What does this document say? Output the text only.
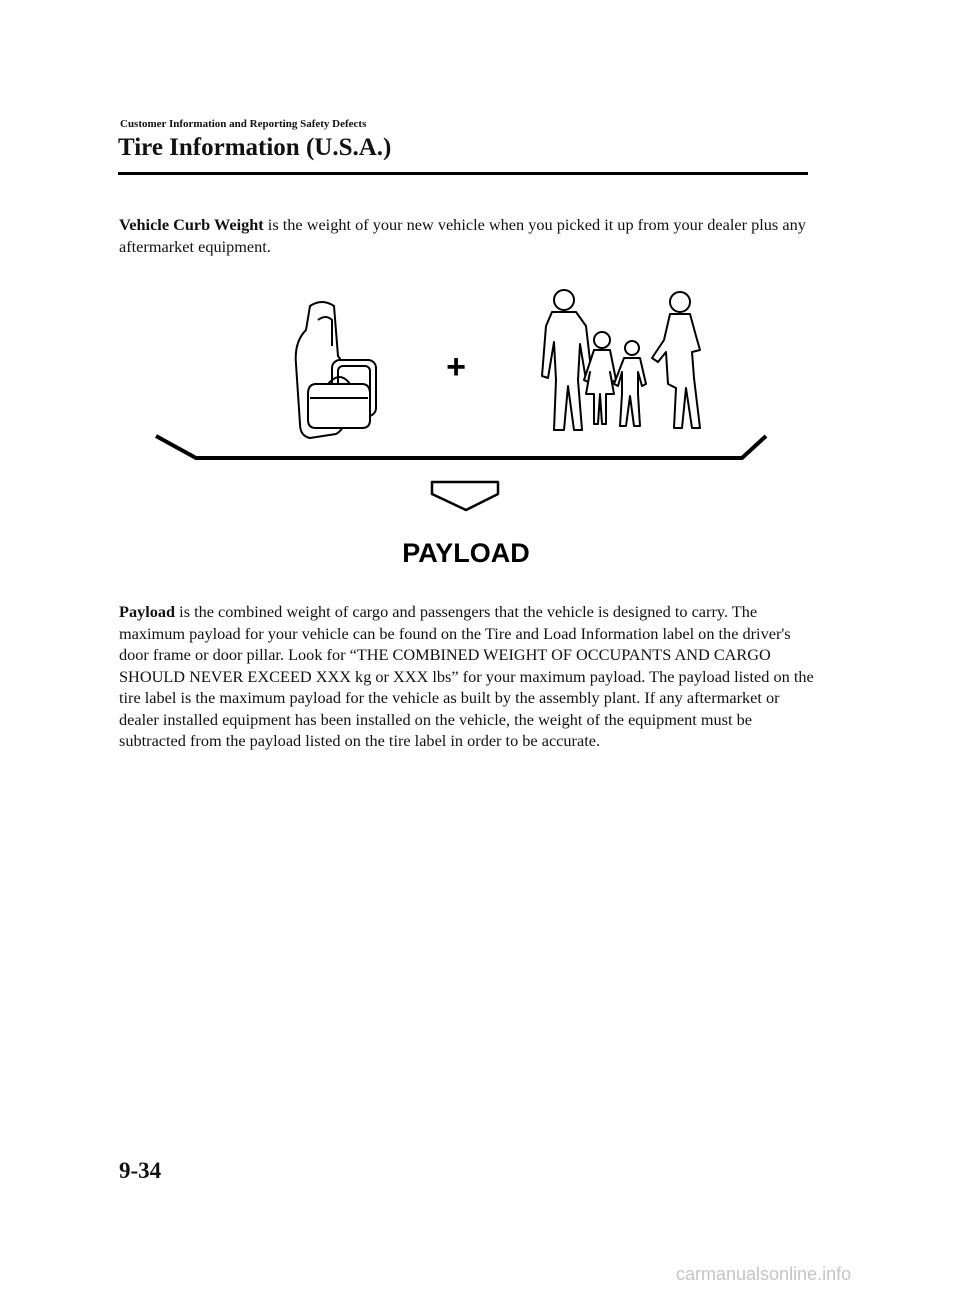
Customer Information and Reporting Safety Defects
Tire Information (U.S.A.)

Vehicle Curb Weight is the weight of your new vehicle when you picked it up from your dealer plus any aftermarket equipment.

+
PAYLOAD

Payload is the combined weight of cargo and passengers that the vehicle is designed to carry. The maximum payload for your vehicle can be found on the Tire and Load Information label on the driver's door frame or door pillar. Look for “THE COMBINED WEIGHT OF OCCUPANTS AND CARGO SHOULD NEVER EXCEED XXX kg or XXX lbs” for your maximum payload. The payload listed on the tire label is the maximum payload for the vehicle as built by the assembly plant. If any aftermarket or dealer installed equipment has been installed on the vehicle, the weight of the equipment must be subtracted from the payload listed on the tire label in order to be accurate.

9-34
carmanualsonline.info
